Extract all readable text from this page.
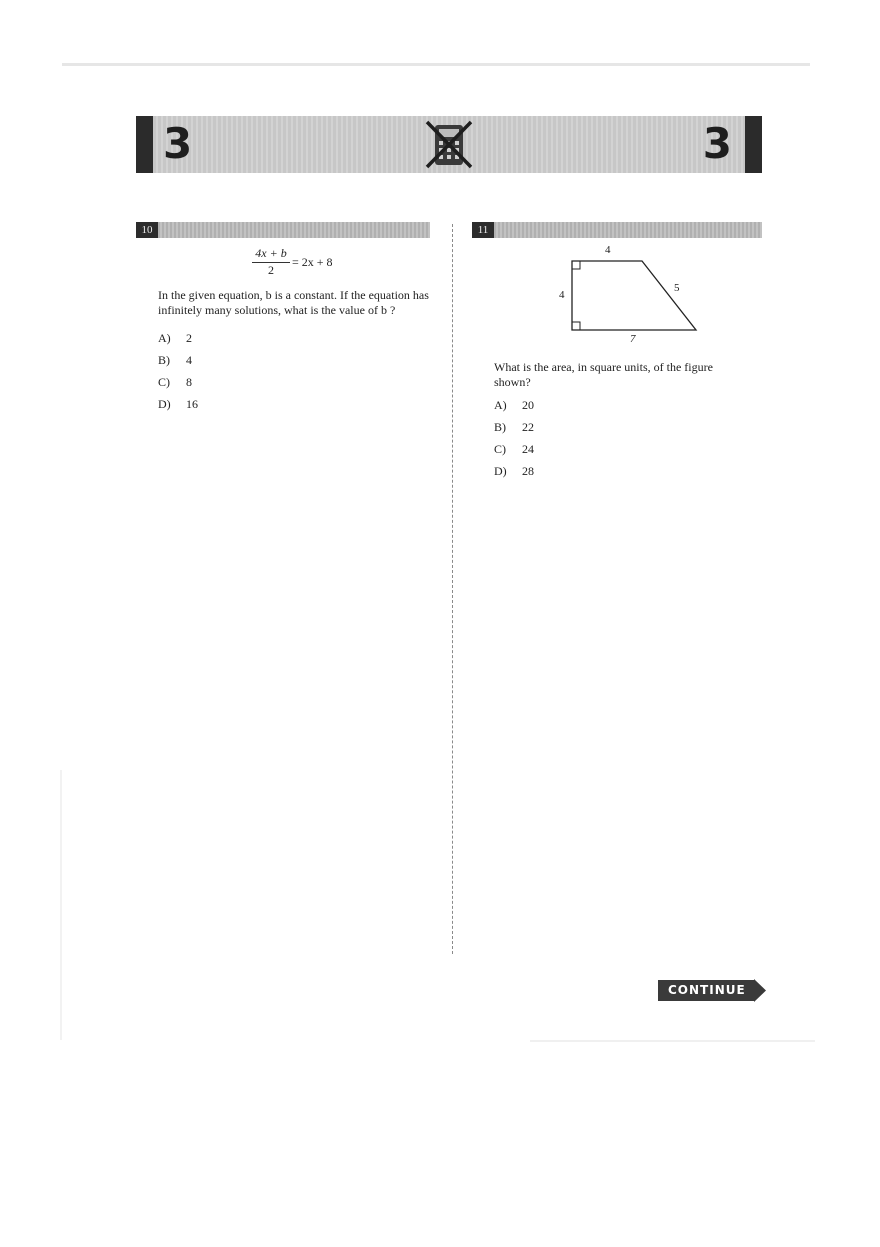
3	3
10
$\frac{4x + b}{2} = 2x + 8$
In the given equation, b is a constant. If the equation has infinitely many solutions, what is the value of b ?
A) 2
B) 4
C) 8
D) 16
11
4
4
5
7
What is the area, in square units, of the figure shown?
A) 20
B) 22
C) 24
D) 28
CONTINUE
